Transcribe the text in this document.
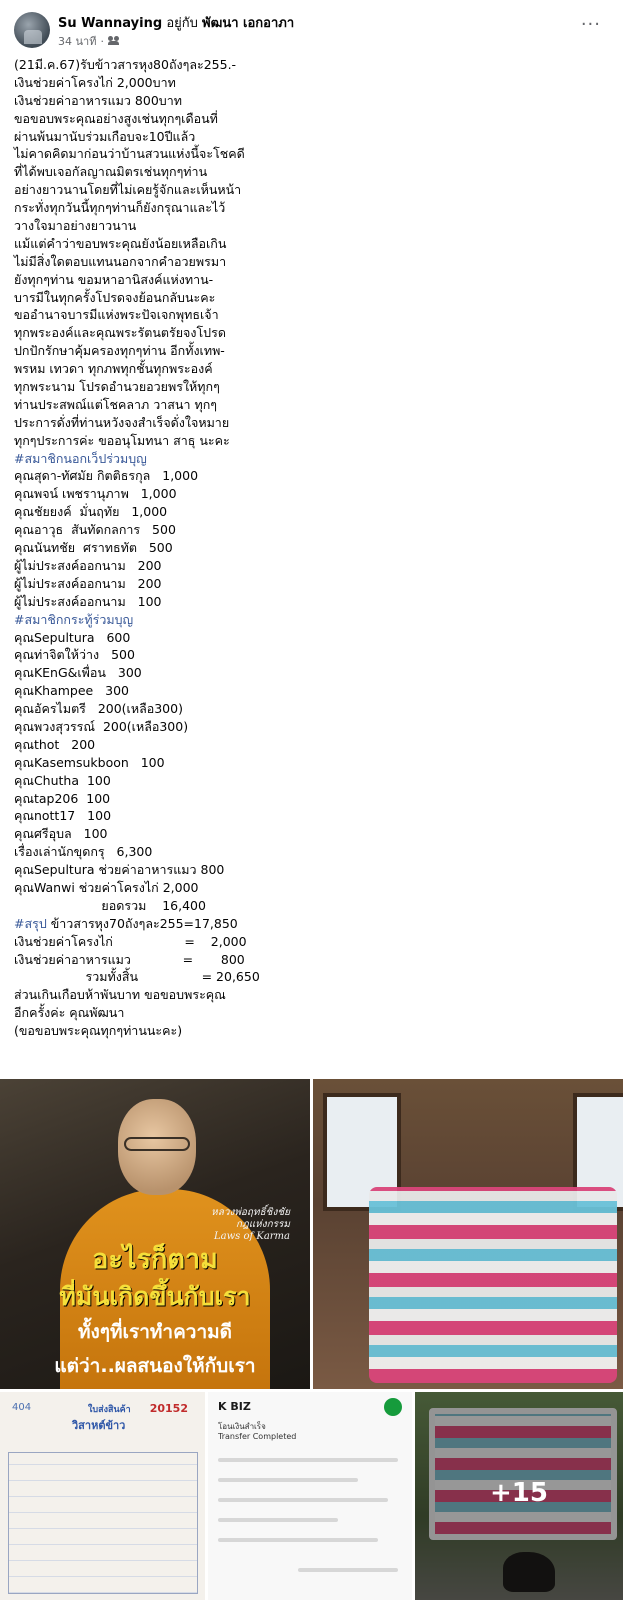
Su Wannaying อยู่กับ พัฒนา เอกอาภา
34 นาที ·
···
(21มี.ค.67)รับข้าวสารหุง80ถังๆละ255.-
เงินช่วยค่าโครงไก่ 2,000บาท
เงินช่วยค่าอาหารแมว 800บาท
ขอขอบพระคุณอย่างสูงเช่นทุกๆเดือนที่
ผ่านพ้นมานับร่วมเกือบจะ10ปีแล้ว
ไม่คาดคิดมาก่อนว่าบ้านสวนแห่งนี้จะโชคดี
ที่ได้พบเจอกัลญาณมิตรเช่นทุกๆท่าน
อย่างยาวนานโดยที่ไม่เคยรู้จักและเห็นหน้า
กระทั่งทุกวันนี้ทุกๆท่านก็ยังกรุณาและไว้
วางใจมาอย่างยาวนาน
แม้แต่คำว่าขอบพระคุณยังน้อยเหลือเกิน
ไม่มีสิ่งใดตอบแทนนอกจากคำอวยพรมา
ยังทุกๆท่าน ขอมหาอานิสงค์แห่งทาน-
บารมีในทุกครั้งโปรดจงย้อนกลับนะคะ
ขออำนาจบารมีแห่งพระปัจเจกพุทธเจ้า
ทุกพระองค์และคุณพระรัตนตรัยจงโปรด
ปกปักรักษาคุ้มครองทุกๆท่าน อีกทั้งเทพ-
พรหม เทวดา ทุกภพทุกชั้นทุกพระองค์
ทุกพระนาม โปรดอำนวยอวยพรให้ทุกๆ
ท่านประสพณ์แต่โชคลาภ วาสนา ทุกๆ
ประการดั่งที่ท่านหวังจงสำเร็จดั่งใจหมาย
ทุกๆประการค่ะ ขออนุโมทนา สาธุ นะคะ
#สมาชิกนอกเว็ปร่วมบุญ
คุณสุดา-ทัศมัย กิตติธรกุล   1,000
คุณพจน์ เพชรานุภาพ   1,000
คุณชัยยงค์  มั่นฤทัย   1,000
คุณอาวุธ  สันทัดกลการ   500
คุณนันทชัย  ศราทธทัต   500
ผู้ไม่ประสงค์ออกนาม   200
ผู้ไม่ประสงค์ออกนาม   200
ผู้ไม่ประสงค์ออกนาม   100
#สมาชิกกระทู้ร่วมบุญ
คุณSepultura   600
คุณท่าจิตให้ว่าง   500
คุณKEnG&เพื่อน   300
คุณKhampee   300
คุณอัครไมตรี   200(เหลือ300)
คุณพวงสุวรรณ์  200(เหลือ300)
คุณthot   200
คุณKasemsukboon   100
คุณChutha  100
คุณtap206  100
คุณnott17   100
คุณศรีอุบล   100
เรื่องเล่านักขุดกรุ   6,300
คุณSepultura ช่วยค่าอาหารแมว 800
คุณWanwi ช่วยค่าโครงไก่ 2,000
ยอดรวม    16,400
#สรุป ข้าวสารหุง70ถังๆละ255=17,850
เงินช่วยค่าโครงไก่                  =    2,000
เงินช่วยค่าอาหารแมว             =       800
รวมทั้งสิ้น                = 20,650
ส่วนเกินเกือบห้าพันบาท ขอขอบพระคุณ
อีกครั้งค่ะ คุณพัฒนา
(ขอขอบพระคุณทุกๆท่านนะคะ)
หลวงพ่อฤทธิ์ชิงชัย
กฎแห่งกรรม
Laws of Karma
อะไรก็ตาม
ที่มันเกิดขึ้นกับเรา
ทั้งๆที่เราทำความดี
แต่ว่า..ผลสนองให้กับเรา
404	ใบส่งสินค้า 20152
วิสาหต์ข้าว
K BIZ
โอนเงินสำเร็จ
Transfer Completed
+15
